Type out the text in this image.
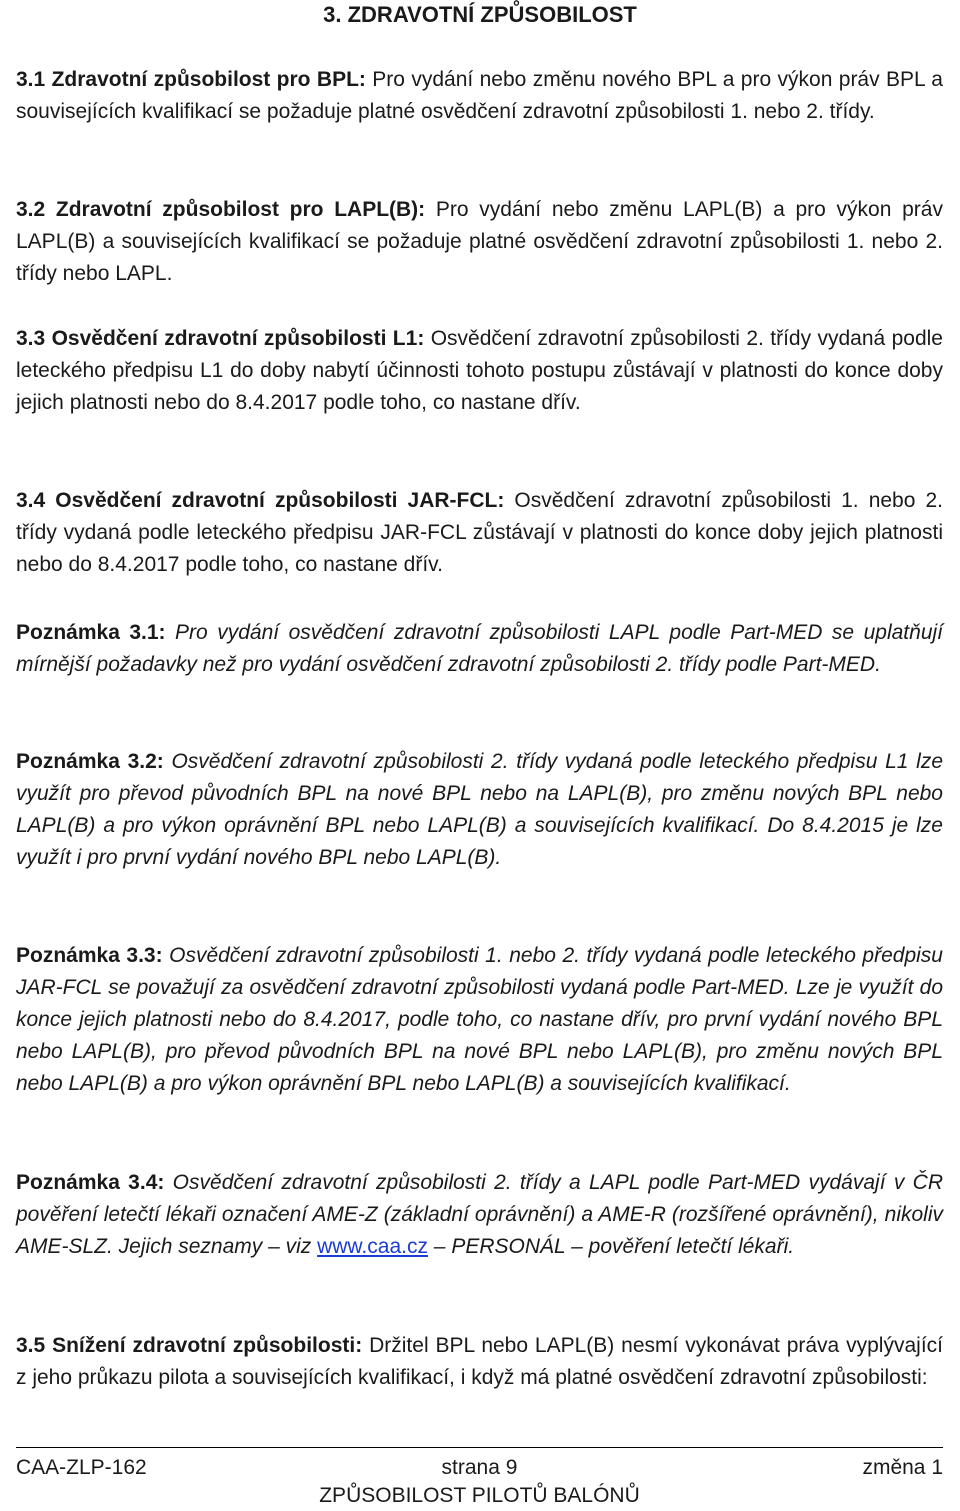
3. ZDRAVOTNÍ ZPŮSOBILOST
3.1 Zdravotní způsobilost pro BPL: Pro vydání nebo změnu nového BPL a pro výkon práv BPL a souvisejících kvalifikací se požaduje platné osvědčení zdravotní způsobilosti 1. nebo 2. třídy.
3.2 Zdravotní způsobilost pro LAPL(B): Pro vydání nebo změnu LAPL(B) a pro výkon práv LAPL(B) a souvisejících kvalifikací se požaduje platné osvědčení zdravotní způsobilosti 1. nebo 2. třídy nebo LAPL.
3.3 Osvědčení zdravotní způsobilosti L1: Osvědčení zdravotní způsobilosti 2. třídy vydaná podle leteckého předpisu L1 do doby nabytí účinnosti tohoto postupu zůstávají v platnosti do konce doby jejich platnosti nebo do 8.4.2017 podle toho, co nastane dřív.
3.4 Osvědčení zdravotní způsobilosti JAR-FCL: Osvědčení zdravotní způsobilosti 1. nebo 2. třídy vydaná podle leteckého předpisu JAR-FCL zůstávají v platnosti do konce doby jejich platnosti nebo do 8.4.2017 podle toho, co nastane dřív.
Poznámka 3.1: Pro vydání osvědčení zdravotní způsobilosti LAPL podle Part-MED se uplatňují mírnější požadavky než pro vydání osvědčení zdravotní způsobilosti 2. třídy podle Part-MED.
Poznámka 3.2: Osvědčení zdravotní způsobilosti 2. třídy vydaná podle leteckého předpisu L1 lze využít pro převod původních BPL na nové BPL nebo na LAPL(B), pro změnu nových BPL nebo LAPL(B) a pro výkon oprávnění BPL nebo LAPL(B) a souvisejících kvalifikací. Do 8.4.2015 je lze využít i pro první vydání nového BPL nebo LAPL(B).
Poznámka 3.3: Osvědčení zdravotní způsobilosti 1. nebo 2. třídy vydaná podle leteckého předpisu JAR-FCL se považují za osvědčení zdravotní způsobilosti vydaná podle Part-MED. Lze je využít do konce jejich platnosti nebo do 8.4.2017, podle toho, co nastane dřív, pro první vydání nového BPL nebo LAPL(B), pro převod původních BPL na nové BPL nebo LAPL(B), pro změnu nových BPL nebo LAPL(B) a pro výkon oprávnění BPL nebo LAPL(B) a souvisejících kvalifikací.
Poznámka 3.4: Osvědčení zdravotní způsobilosti 2. třídy a LAPL podle Part-MED vydávají v ČR pověření letečtí lékaři označení AME-Z (základní oprávnění) a AME-R (rozšířené oprávnění), nikoliv AME-SLZ. Jejich seznamy – viz www.caa.cz – PERSONÁL – pověření letečtí lékaři.
3.5 Snížení zdravotní způsobilosti: Držitel BPL nebo LAPL(B) nesmí vykonávat práva vyplývající z jeho průkazu pilota a souvisejících kvalifikací, i když má platné osvědčení zdravotní způsobilosti:
CAA-ZLP-162	strana 9	změna 1
ZPŮSOBILOST PILOTŮ BALÓNŮ
